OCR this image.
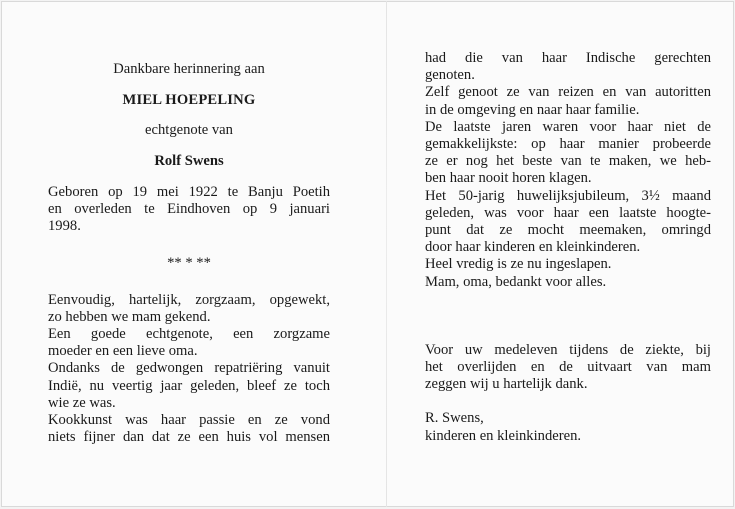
Dankbare herinnering aan
MIEL HOEPELING
echtgenote van
Rolf Swens
Geboren op 19 mei 1922 te Banju Poetih
en overleden te Eindhoven op 9 januari
1998.
** * **
Eenvoudig, hartelijk, zorgzaam, opgewekt,
zo hebben we mam gekend.
Een goede echtgenote, een zorgzame
moeder en een lieve oma.
Ondanks de gedwongen repatriëring vanuit
Indië, nu veertig jaar geleden, bleef ze toch
wie ze was.
Kookkunst was haar passie en ze vond
niets fijner dan dat ze een huis vol mensen
had die van haar Indische gerechten
genoten.
Zelf genoot ze van reizen en van autoritten
in de omgeving en naar haar familie.
De laatste jaren waren voor haar niet de
gemakkelijkste: op haar manier probeerde
ze er nog het beste van te maken, we heb-
ben haar nooit horen klagen.
Het 50-jarig huwelijksjubileum, 3½ maand
geleden, was voor haar een laatste hoogte-
punt dat ze mocht meemaken, omringd
door haar kinderen en kleinkinderen.
Heel vredig is ze nu ingeslapen.
Mam, oma, bedankt voor alles.
Voor uw medeleven tijdens de ziekte, bij
het overlijden en de uitvaart van mam
zeggen wij u hartelijk dank.
R. Swens,
kinderen en kleinkinderen.
